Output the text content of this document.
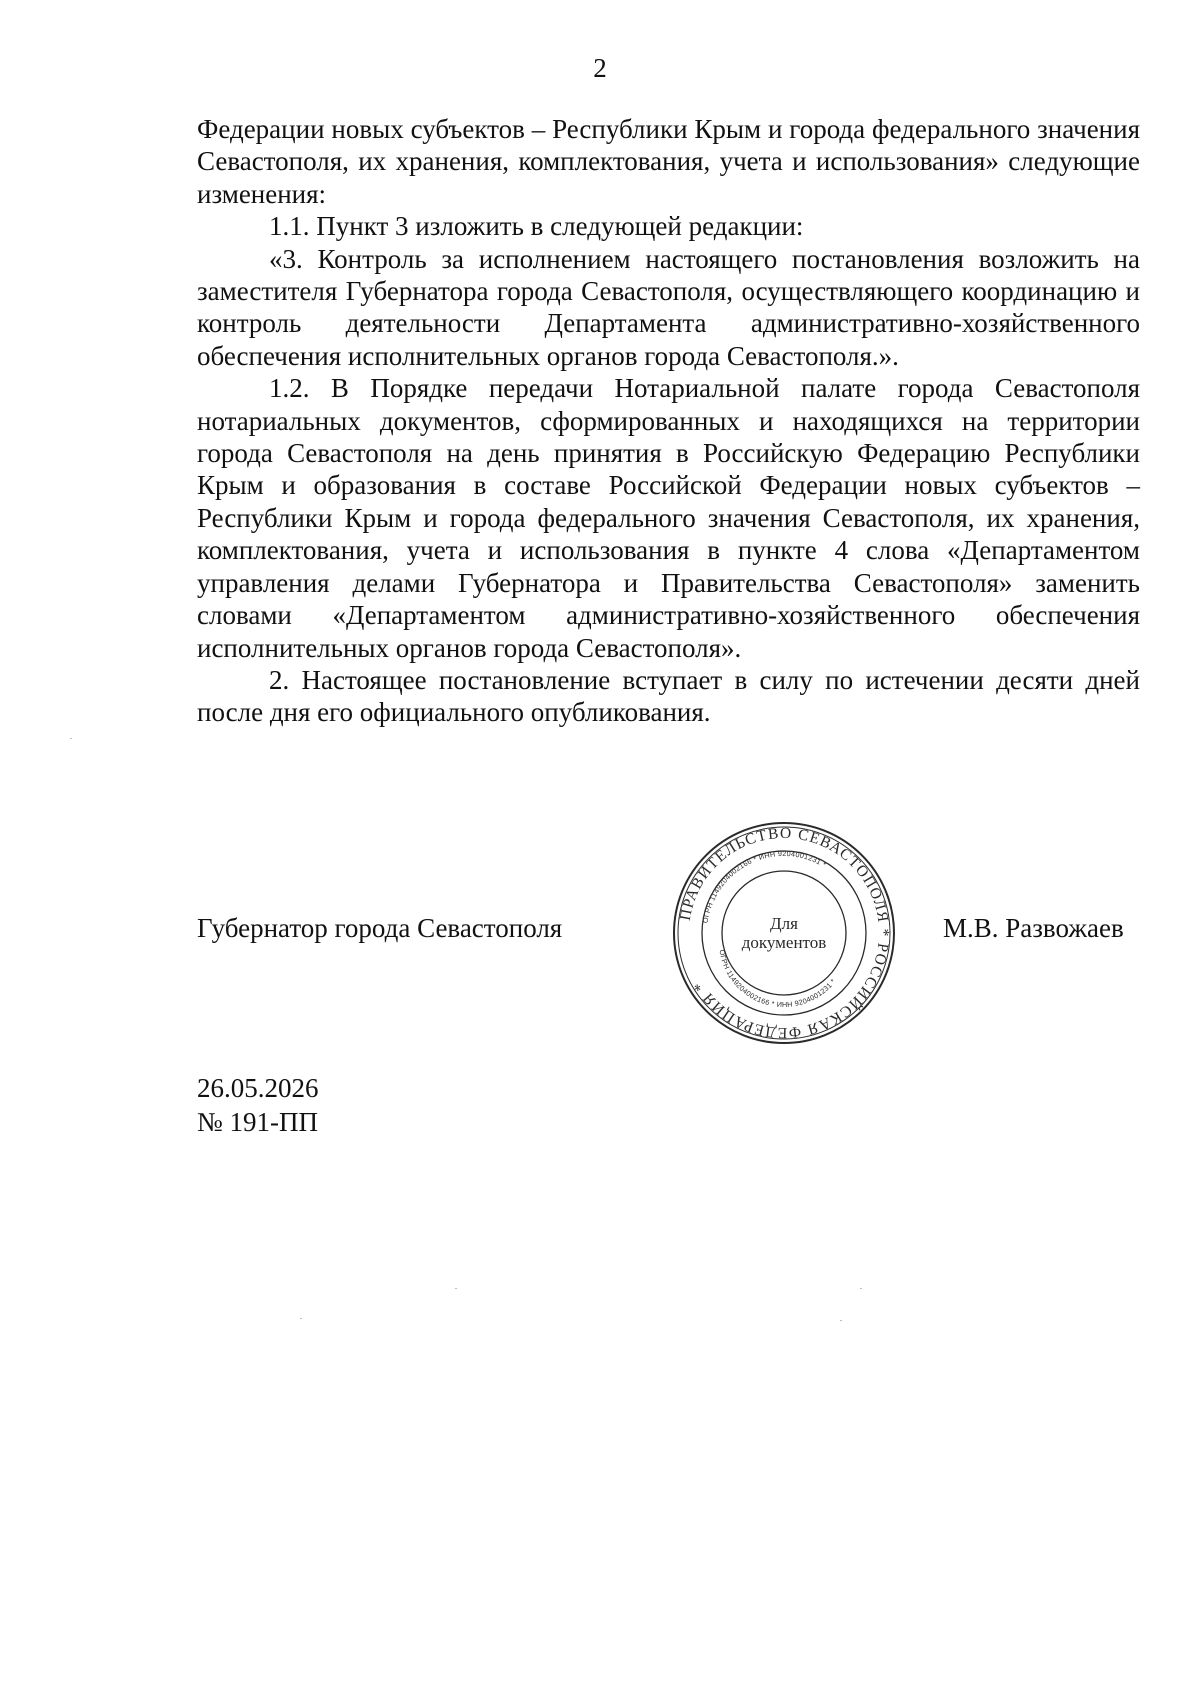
2

Федерации новых субъектов – Республики Крым и города федерального значения Севастополя, их хранения, комплектования, учета и использования» следующие изменения:

1.1. Пункт 3 изложить в следующей редакции:

«3. Контроль за исполнением настоящего постановления возложить на заместителя Губернатора города Севастополя, осуществляющего координацию и контроль деятельности Департамента административно-хозяйственного обеспечения исполнительных органов города Севастополя.».

1.2. В Порядке передачи Нотариальной палате города Севастополя нотариальных документов, сформированных и находящихся на территории города Севастополя на день принятия в Российскую Федерацию Республики Крым и образования в составе Российской Федерации новых субъектов – Республики Крым и города федерального значения Севастополя, их хранения, комплектования, учета и использования в пункте 4 слова «Департаментом управления делами Губернатора и Правительства Севастополя» заменить словами «Департаментом административно-хозяйственного обеспечения исполнительных органов города Севастополя».

2. Настоящее постановление вступает в силу по истечении десяти дней после дня его официального опубликования.

Губернатор города Севастополя	М.В. Развожаев
ПРАВИТЕЛЬСТВО СЕВАСТОПОЛЯ * РОССИЙСКАЯ ФЕДЕРАЦИЯ *
ОГРН 1149204002166 * ИНН 9204001231 *
ОГРН 1149204002166 * ИНН 9204001231 *
Для
документов
26.05.2026
№ 191-ПП
